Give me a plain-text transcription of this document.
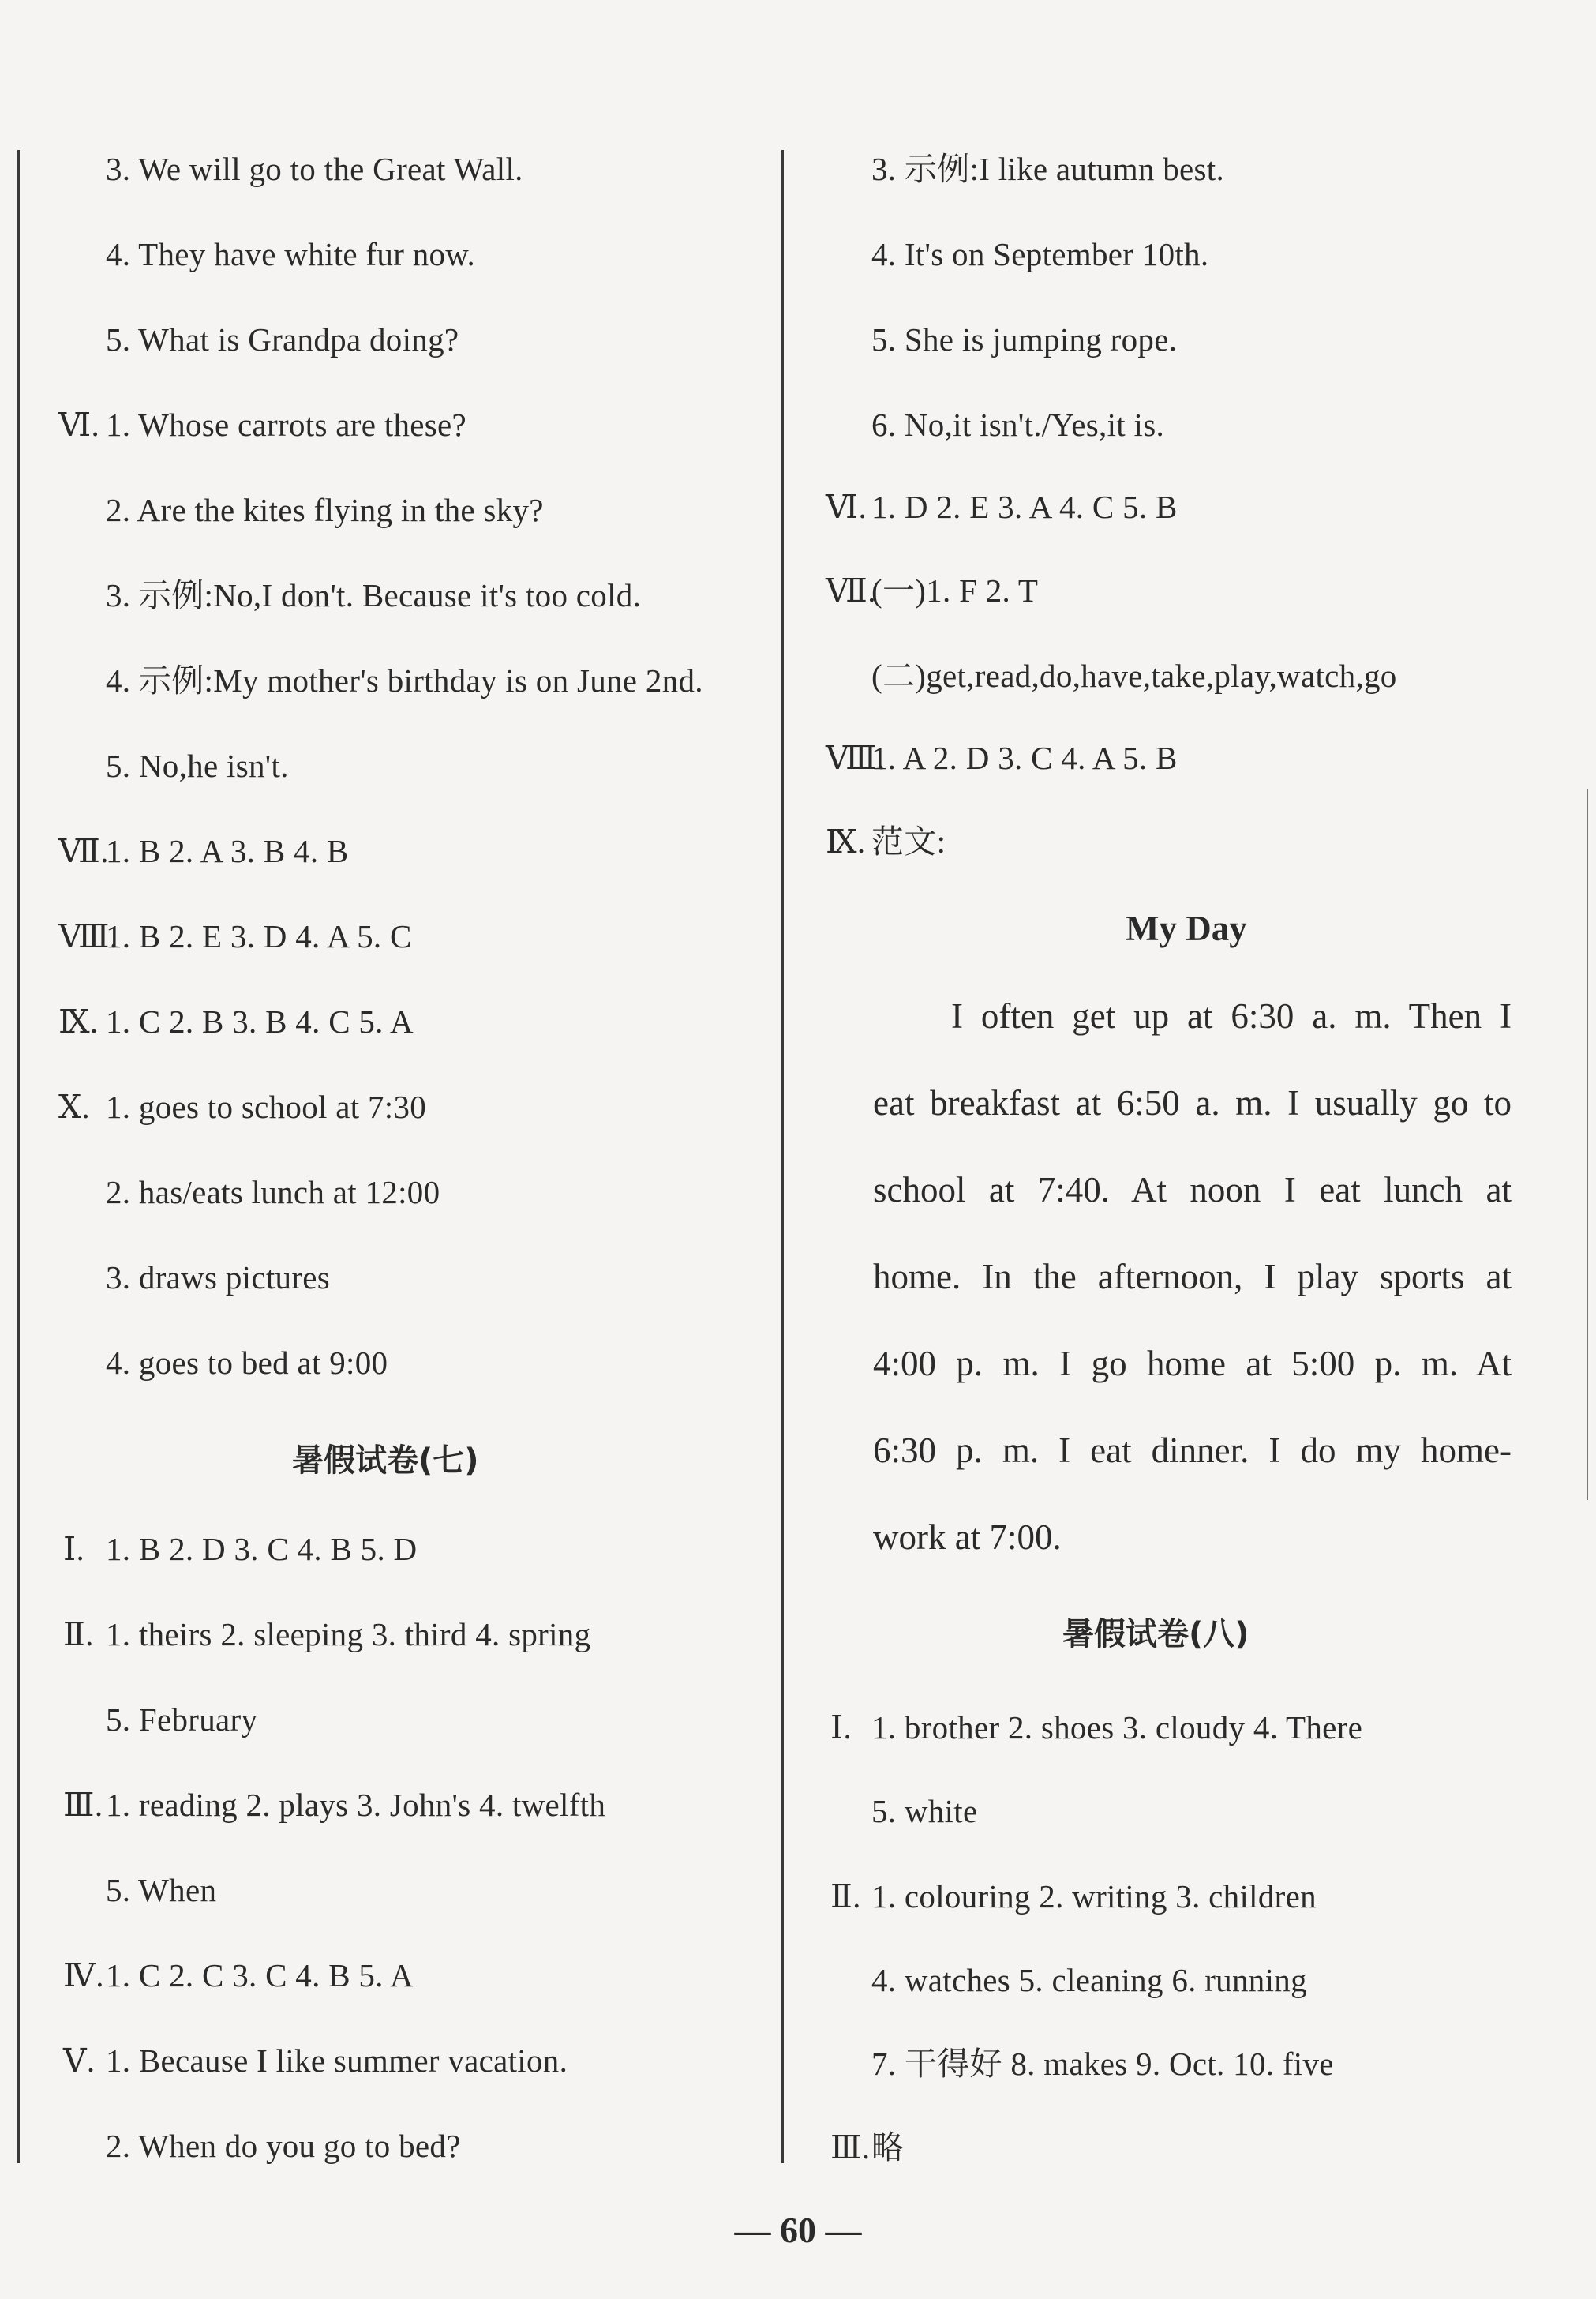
3. We will go to the Great Wall.
4. They have white fur now.
5. What is Grandpa doing?
Ⅵ. 1. Whose carrots are these?
2. Are the kites flying in the sky?
3. 示例:No,I don't. Because it's too cold.
4. 示例:My mother's birthday is on June 2nd.
5. No,he isn't.
Ⅶ.
1. B 2. A 3. B 4. B
Ⅷ.
1. B 2. E 3. D 4. A 5. C
Ⅸ. 1. C 2. B 3. B 4. C 5. A
Ⅹ. 1. goes to school at 7:30
2. has/eats lunch at 12:00
3. draws pictures
4. goes to bed at 9:00
暑假试卷(七)
Ⅰ. 1. B 2. D 3. C 4. B 5. D
Ⅱ. 1. theirs 2. sleeping 3. third 4. spring
5. February
Ⅲ. 1. reading 2. plays 3. John's 4. twelfth
5. When
Ⅳ. 1. C 2. C 3. C 4. B 5. A
Ⅴ. 1. Because I like summer vacation.
2. When do you go to bed?
3. 示例:I like autumn best.
4. It's on September 10th.
5. She is jumping rope.
6. No,it isn't./Yes,it is.
Ⅵ. 1. D 2. E 3. A 4. C 5. B
Ⅶ.
(一)1. F 2. T
(二)get,read,do,have,take,play,watch,go
Ⅷ.
1. A 2. D 3. C 4. A 5. B
Ⅸ. 范文:
My Day
I often get up at 6:30 a. m. Then I
eat breakfast at 6:50 a. m. I usually go to
school at 7:40. At noon I eat lunch at
home. In the afternoon, I play sports at
4:00 p. m. I go home at 5:00 p. m. At
6:30 p. m. I eat dinner. I do my home-
work at 7:00.
暑假试卷(八)
Ⅰ. 1. brother 2. shoes 3. cloudy 4. There
5. white
Ⅱ. 1. colouring 2. writing 3. children
4. watches 5. cleaning 6. running
7. 干得好 8. makes 9. Oct. 10. five
Ⅲ. 略
— 60 —
